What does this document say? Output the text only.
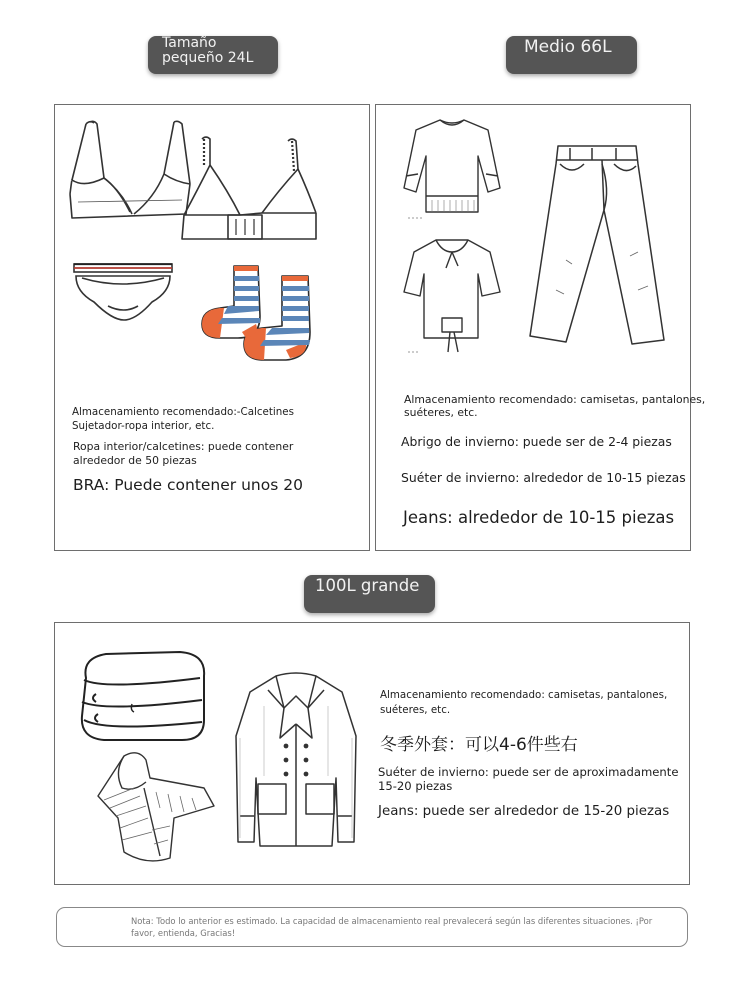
Tamaño
pequeño 24L
Almacenamiento recomendado:-Calcetines
Sujetador-ropa interior, etc.
Ropa interior/calcetines: puede contener
alrededor de 50 piezas
BRA: Puede contener unos 20
Medio 66L
Almacenamiento recomendado: camisetas, pantalones,
suéteres, etc.
Abrigo de invierno: puede ser de 2-4 piezas
Suéter de invierno: alrededor de 10-15 piezas
Jeans: alrededor de 10-15 piezas
100L grande
Almacenamiento recomendado: camisetas, pantalones,
suéteres, etc.
冬季外套：可以4-6件些右
Suéter de invierno: puede ser de aproximadamente
15-20 piezas
Jeans: puede ser alrededor de 15-20 piezas
Nota: Todo lo anterior es estimado. La capacidad de almacenamiento real prevalecerá según las diferentes situaciones. ¡Por
favor, entienda, Gracias!
